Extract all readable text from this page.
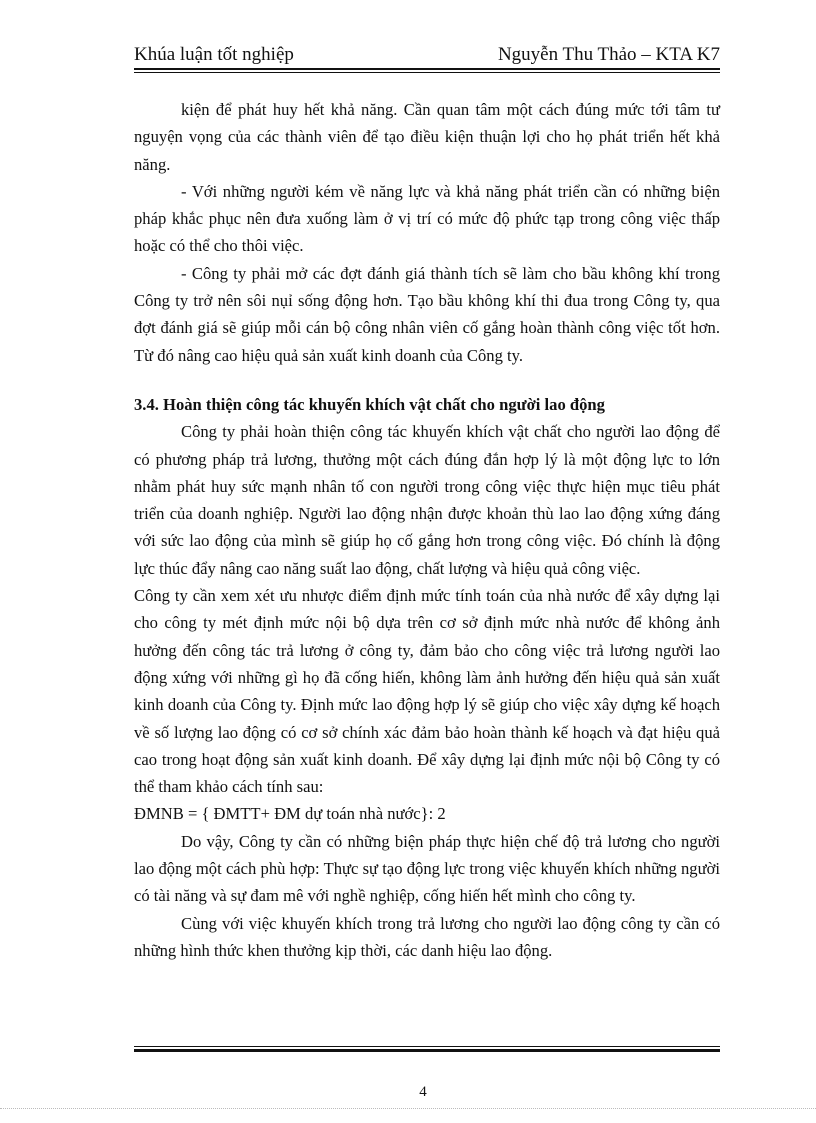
Khúa luận tốt nghiệp	Nguyễn Thu Thảo – KTA K7

kiện để phát huy hết khả năng. Cần quan tâm một cách đúng mức tới tâm tư nguyện vọng của các thành viên để tạo điều kiện thuận lợi cho họ phát triển hết khả năng.

- Với những người kém về năng lực và khả năng phát triển cần có những biện pháp khắc phục nên đưa xuống làm ở vị trí có mức độ phức tạp trong công việc thấp hoặc có thể cho thôi việc.

- Công ty phải mở các đợt đánh giá thành tích sẽ làm cho bầu không khí trong Công ty trở nên sôi nụỉ sống động hơn. Tạo bầu không khí thi đua trong Công ty, qua đợt đánh giá sẽ giúp mỗi cán bộ công nhân viên cố gắng hoàn thành công việc tốt hơn. Từ đó nâng cao hiệu quả sản xuất kinh doanh của Công ty.

3.4. Hoàn thiện công tác khuyến khích vật chất cho người lao động

Công ty phải hoàn thiện công tác khuyến khích vật chất cho người lao động để có phương pháp trả lương, thưởng một cách đúng đắn hợp lý là một động lực to lớn nhằm phát huy sức mạnh nhân tố con người trong công việc thực hiện mục tiêu phát triển của doanh nghiệp. Người lao động nhận được khoản thù lao lao động xứng đáng với sức lao động của mình sẽ giúp họ cố gắng hơn trong công việc. Đó chính là động lực thúc đẩy nâng cao năng suất lao động, chất lượng và hiệu quả công việc.

Công ty cần xem xét ưu nhược điểm định mức tính toán của nhà nước để xây dựng lại cho công ty mét định mức nội bộ dựa trên cơ sở định mức nhà nước để không ảnh hưởng đến công tác trả lương ở công ty, đảm bảo cho công việc trả lương người lao động xứng với những gì họ đã cống hiến, không làm ảnh hưởng đến hiệu quả sản xuất kinh doanh của Công ty. Định mức lao động hợp lý sẽ giúp cho việc xây dựng kế hoạch về số lượng lao động có cơ sở chính xác đảm bảo hoàn thành kế hoạch và đạt hiệu quả cao trong hoạt động sản xuất kinh doanh. Để xây dựng lại định mức nội bộ Công ty có thể tham khảo cách tính sau:

ĐMNB = { ĐMTT+ ĐM dự toán nhà nước}: 2

Do vậy, Công ty cần có những biện pháp thực hiện chế độ trả lương cho người lao động một cách phù hợp: Thực sự tạo động lực trong việc khuyến khích những người có tài năng và sự đam mê với nghề nghiệp, cống hiến hết mình cho công ty.

Cùng với việc khuyến khích trong trả lương cho người lao động công ty cần có những hình thức khen thưởng kịp thời, các danh hiệu lao động.

4
